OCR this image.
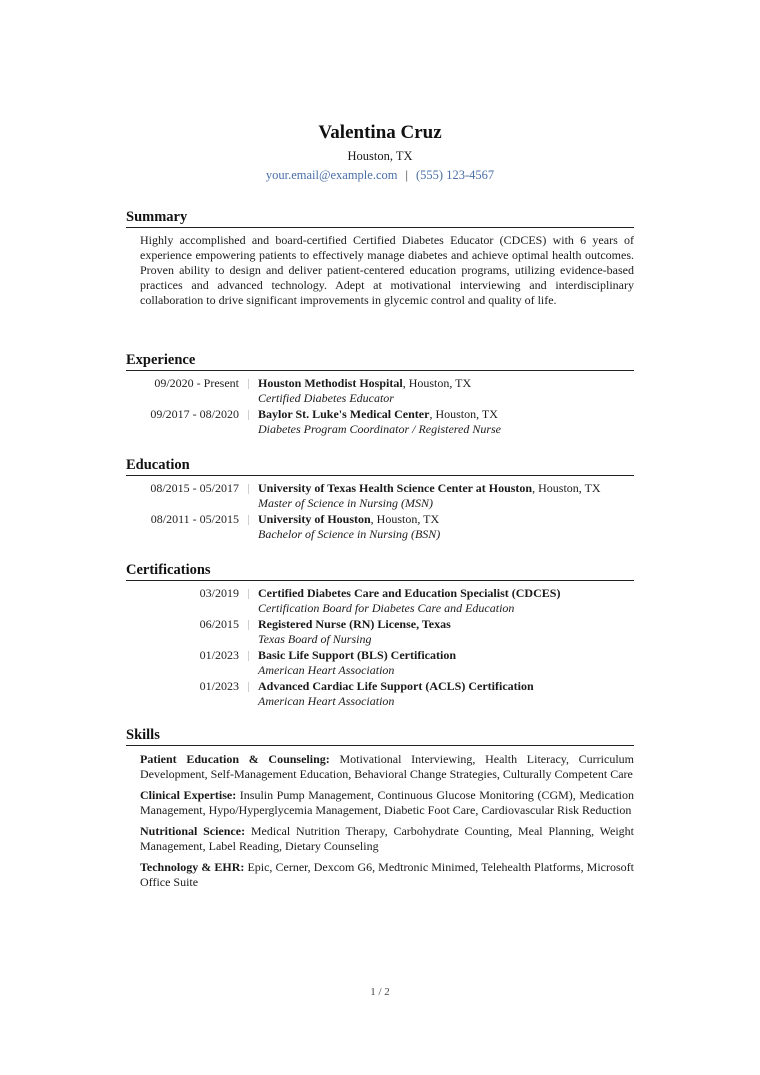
Valentina Cruz
Houston, TX
your.email@example.com | (555) 123-4567
Summary
Highly accomplished and board-certified Certified Diabetes Educator (CDCES) with 6 years of experience empowering patients to effectively manage diabetes and achieve optimal health outcomes. Proven ability to design and deliver patient-centered education programs, utilizing evidence-based practices and advanced technology. Adept at motivational interviewing and interdisciplinary collaboration to drive significant improvements in glycemic control and quality of life.
Experience
09/2020 - Present Houston Methodist Hospital, Houston, TX
Certified Diabetes Educator
09/2017 - 08/2020 Baylor St. Luke's Medical Center, Houston, TX
Diabetes Program Coordinator / Registered Nurse
Education
08/2015 - 05/2017 University of Texas Health Science Center at Houston, Houston, TX
Master of Science in Nursing (MSN)
08/2011 - 05/2015 University of Houston, Houston, TX
Bachelor of Science in Nursing (BSN)
Certifications
03/2019 Certified Diabetes Care and Education Specialist (CDCES)
Certification Board for Diabetes Care and Education
06/2015 Registered Nurse (RN) License, Texas
Texas Board of Nursing
01/2023 Basic Life Support (BLS) Certification
American Heart Association
01/2023 Advanced Cardiac Life Support (ACLS) Certification
American Heart Association
Skills
Patient Education & Counseling: Motivational Interviewing, Health Literacy, Curriculum Development, Self-Management Education, Behavioral Change Strategies, Culturally Competent Care
Clinical Expertise: Insulin Pump Management, Continuous Glucose Monitoring (CGM), Medication Management, Hypo/Hyperglycemia Management, Diabetic Foot Care, Cardiovascular Risk Reduction
Nutritional Science: Medical Nutrition Therapy, Carbohydrate Counting, Meal Planning, Weight Management, Label Reading, Dietary Counseling
Technology & EHR: Epic, Cerner, Dexcom G6, Medtronic Minimed, Telehealth Platforms, Microsoft Office Suite
1 / 2
